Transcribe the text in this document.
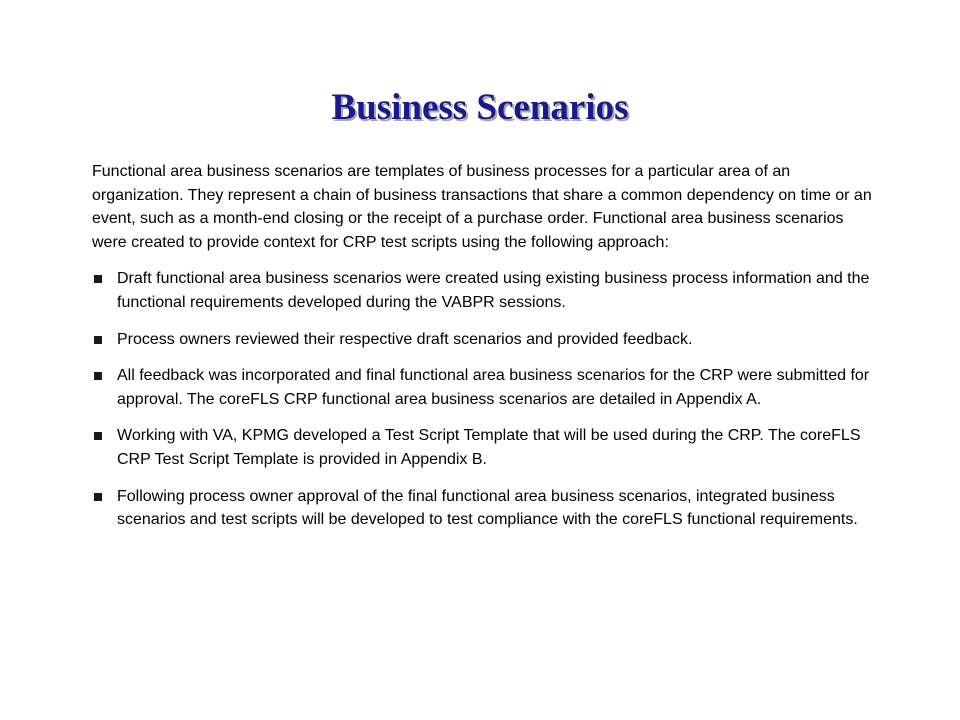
Business Scenarios

Functional area business scenarios are templates of business processes for a particular area of an organization. They represent a chain of business transactions that share a common dependency on time or an event, such as a month-end closing or the receipt of a purchase order. Functional area business scenarios were created to provide context for CRP test scripts using the following approach:

Draft functional area business scenarios were created using existing business process information and the functional requirements developed during the VABPR sessions.
Process owners reviewed their respective draft scenarios and provided feedback.
All feedback was incorporated and final functional area business scenarios for the CRP were submitted for approval. The coreFLS CRP functional area business scenarios are detailed in Appendix A.
Working with VA, KPMG developed a Test Script Template that will be used during the CRP. The coreFLS CRP Test Script Template is provided in Appendix B.
Following process owner approval of the final functional area business scenarios, integrated business scenarios and test scripts will be developed to test compliance with the coreFLS functional requirements.
